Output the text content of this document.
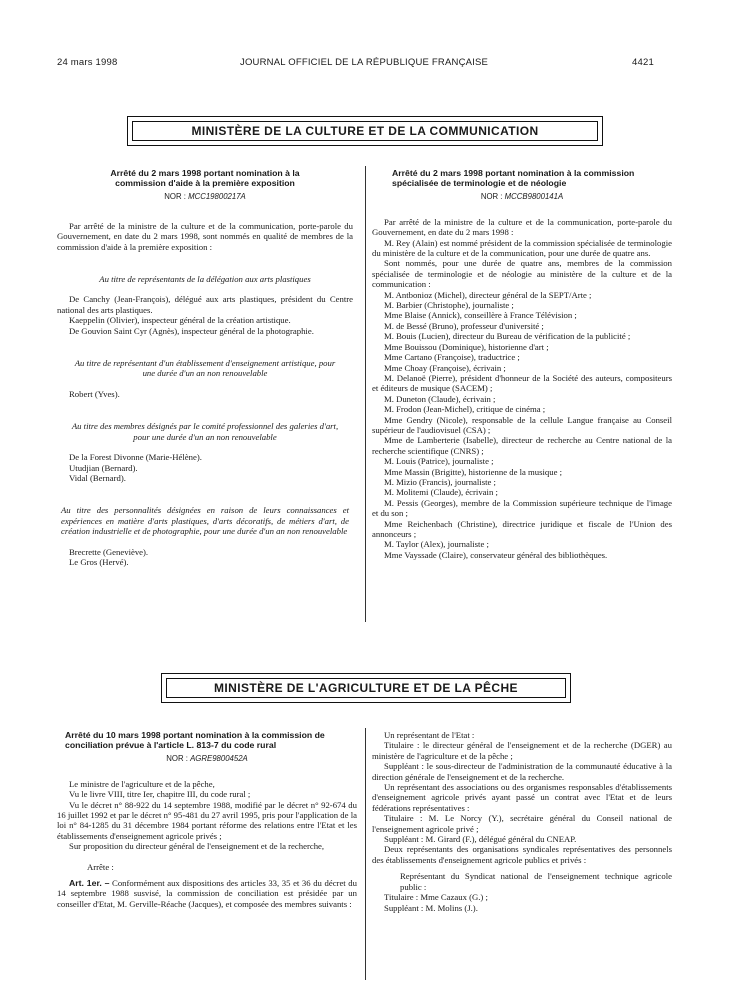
24 mars 1998	JOURNAL OFFICIEL DE LA RÉPUBLIQUE FRANÇAISE	4421
MINISTÈRE DE LA CULTURE ET DE LA COMMUNICATION
Arrêté du 2 mars 1998 portant nomination à la commission d'aide à la première exposition
NOR : MCC19800217A

Par arrêté de la ministre de la culture et de la communication, porte-parole du Gouvernement, en date du 2 mars 1998, sont nommés en qualité de membres de la commission d'aide à la première exposition :

Au titre de représentants de la délégation aux arts plastiques

De Canchy (Jean-François), délégué aux arts plastiques, président du Centre national des arts plastiques.

Kaeppelin (Olivier), inspecteur général de la création artistique.

De Gouvion Saint Cyr (Agnès), inspecteur général de la photographie.

Au titre de représentant d'un établissement d'enseignement artistique, pour une durée d'un an non renouvelable

Robert (Yves).

Au titre des membres désignés par le comité professionnel des galeries d'art, pour une durée d'un an non renouvelable

De la Forest Divonne (Marie-Hélène).

Utudjian (Bernard).

Vidal (Bernard).

Au titre des personnalités désignées en raison de leurs connaissances et expériences en matière d'arts plastiques, d'arts décoratifs, de métiers d'art, de création industrielle et de photographie, pour une durée d'un an non renouvelable

Brecrette (Geneviève).

Le Gros (Hervé).

Arrêté du 2 mars 1998 portant nomination à la commission spécialisée de terminologie et de néologie
NOR : MCCB9800141A

Par arrêté de la ministre de la culture et de la communication, porte-parole du Gouvernement, en date du 2 mars 1998 :

M. Rey (Alain) est nommé président de la commission spécialisée de terminologie du ministère de la culture et de la communication, pour une durée de quatre ans.

Sont nommés, pour une durée de quatre ans, membres de la commission spécialisée de terminologie et de néologie au ministère de la culture et de la communication :

M. Antbonioz (Michel), directeur général de la SEPT/Arte ;

M. Barbier (Christophe), journaliste ;

Mme Blaise (Annick), conseillère à France Télévision ;

M. de Bessé (Bruno), professeur d'université ;

M. Bouis (Lucien), directeur du Bureau de vérification de la publicité ;

Mme Bouissou (Dominique), historienne d'art ;

Mme Cartano (Françoise), traductrice ;

Mme Choay (Françoise), écrivain ;

M. Delanoë (Pierre), président d'honneur de la Société des auteurs, compositeurs et éditeurs de musique (SACEM) ;

M. Duneton (Claude), écrivain ;

M. Frodon (Jean-Michel), critique de cinéma ;

Mme Gendry (Nicole), responsable de la cellule Langue française au Conseil supérieur de l'audiovisuel (CSA) ;

Mme de Lamberterie (Isabelle), directeur de recherche au Centre national de la recherche scientifique (CNRS) ;

M. Louis (Patrice), journaliste ;

Mme Massin (Brigitte), historienne de la musique ;

M. Mizio (Francis), journaliste ;

M. Molitemi (Claude), écrivain ;

M. Pessis (Georges), membre de la Commission supérieure technique de l'image et du son ;

Mme Reichenbach (Christine), directrice juridique et fiscale de l'Union des annonceurs ;

M. Taylor (Alex), journaliste ;

Mme Vayssade (Claire), conservateur général des bibliothèques.

MINISTÈRE DE L'AGRICULTURE ET DE LA PÊCHE
Arrêté du 10 mars 1998 portant nomination à la commission de conciliation prévue à l'article L. 813-7 du code rural
NOR : AGRE9800452A

Le ministre de l'agriculture et de la pêche,

Vu le livre VIII, titre Ier, chapitre III, du code rural ;

Vu le décret n° 88-922 du 14 septembre 1988, modifié par le décret n° 92-674 du 16 juillet 1992 et par le décret n° 95-481 du 27 avril 1995, pris pour l'application de la loi n° 84-1285 du 31 décembre 1984 portant réforme des relations entre l'Etat et les établissements d'enseignement agricole privés ;

Sur proposition du directeur général de l'enseignement et de la recherche,

Arrête :

Art. 1er. – Conformément aux dispositions des articles 33, 35 et 36 du décret du 14 septembre 1988 susvisé, la commission de conciliation est présidée par un conseiller d'Etat, M. Gerville-Réache (Jacques), et composée des membres suivants :

Un représentant de l'Etat :

Titulaire : le directeur général de l'enseignement et de la recherche (DGER) au ministère de l'agriculture et de la pêche ;

Suppléant : le sous-directeur de l'administration de la communauté éducative à la direction générale de l'enseignement et de la recherche.

Un représentant des associations ou des organismes responsables d'établissements d'enseignement agricole privés ayant passé un contrat avec l'Etat et de leurs fédérations représentatives :

Titulaire : M. Le Norcy (Y.), secrétaire général du Conseil national de l'enseignement agricole privé ;

Suppléant : M. Girard (F.), délégué général du CNEAP.

Deux représentants des organisations syndicales représentatives des personnels des établissements d'enseignement agricole publics et privés :

Représentant du Syndicat national de l'enseignement technique agricole public :

Titulaire : Mme Cazaux (G.) ;

Suppléant : M. Molins (J.).
